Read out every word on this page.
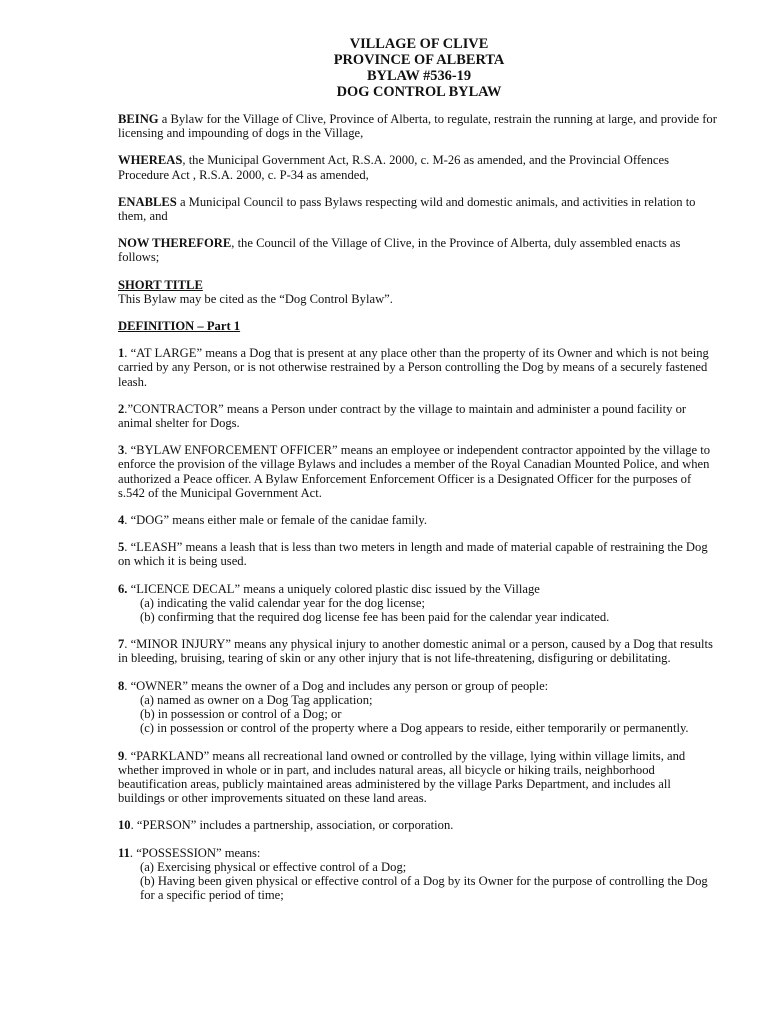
VILLAGE OF CLIVE
PROVINCE OF ALBERTA
BYLAW #536-19
DOG CONTROL BYLAW

BEING a Bylaw for the Village of Clive, Province of Alberta, to regulate, restrain the running at large, and provide for licensing and impounding of dogs in the Village,

WHEREAS, the Municipal Government Act, R.S.A. 2000, c. M-26 as amended, and the Provincial Offences Procedure Act , R.S.A. 2000, c. P-34 as amended,

ENABLES a Municipal Council to pass Bylaws respecting wild and domestic animals, and activities in relation to them, and

NOW THEREFORE, the Council of the Village of Clive, in the Province of Alberta, duly assembled enacts as follows;

SHORT TITLE
This Bylaw may be cited as the “Dog Control Bylaw”.

DEFINITION – Part 1

1. “AT LARGE” means a Dog that is present at any place other than the property of its Owner and which is not being carried by any Person, or is not otherwise restrained by a Person controlling the Dog by means of a securely fastened leash.

2.”CONTRACTOR” means a Person under contract by the village to maintain and administer a pound facility or animal shelter for Dogs.

3. “BYLAW ENFORCEMENT OFFICER” means an employee or independent contractor appointed by the village to enforce the provision of the village Bylaws and includes a member of the Royal Canadian Mounted Police, and when authorized a Peace officer. A Bylaw Enforcement Enforcement Officer is a Designated Officer for the purposes of s.542 of the Municipal Government Act.

4. “DOG” means either male or female of the canidae family.

5. “LEASH” means a leash that is less than two meters in length and made of material capable of restraining the Dog on which it is being used.

6. “LICENCE DECAL” means a uniquely colored plastic disc issued by the Village

(a) indicating the valid calendar year for the dog license;
(b) confirming that the required dog license fee has been paid for the calendar year indicated.

7. “MINOR INJURY” means any physical injury to another domestic animal or a person, caused by a Dog that results in bleeding, bruising, tearing of skin or any other injury that is not life-threatening, disfiguring or debilitating.

8. “OWNER” means the owner of a Dog and includes any person or group of people:

(a) named as owner on a Dog Tag application;
(b) in possession or control of a Dog; or
(c) in possession or control of the property where a Dog appears to reside, either temporarily or permanently.

9. “PARKLAND” means all recreational land owned or controlled by the village, lying within village limits, and whether improved in whole or in part, and includes natural areas, all bicycle or hiking trails, neighborhood beautification areas, publicly maintained areas administered by the village Parks Department, and includes all buildings or other improvements situated on these land areas.

10. “PERSON” includes a partnership, association, or corporation.

11. “POSSESSION” means:

(a) Exercising physical or effective control of a Dog;
(b) Having been given physical or effective control of a Dog by its Owner for the purpose of controlling the Dog for a specific period of time;
